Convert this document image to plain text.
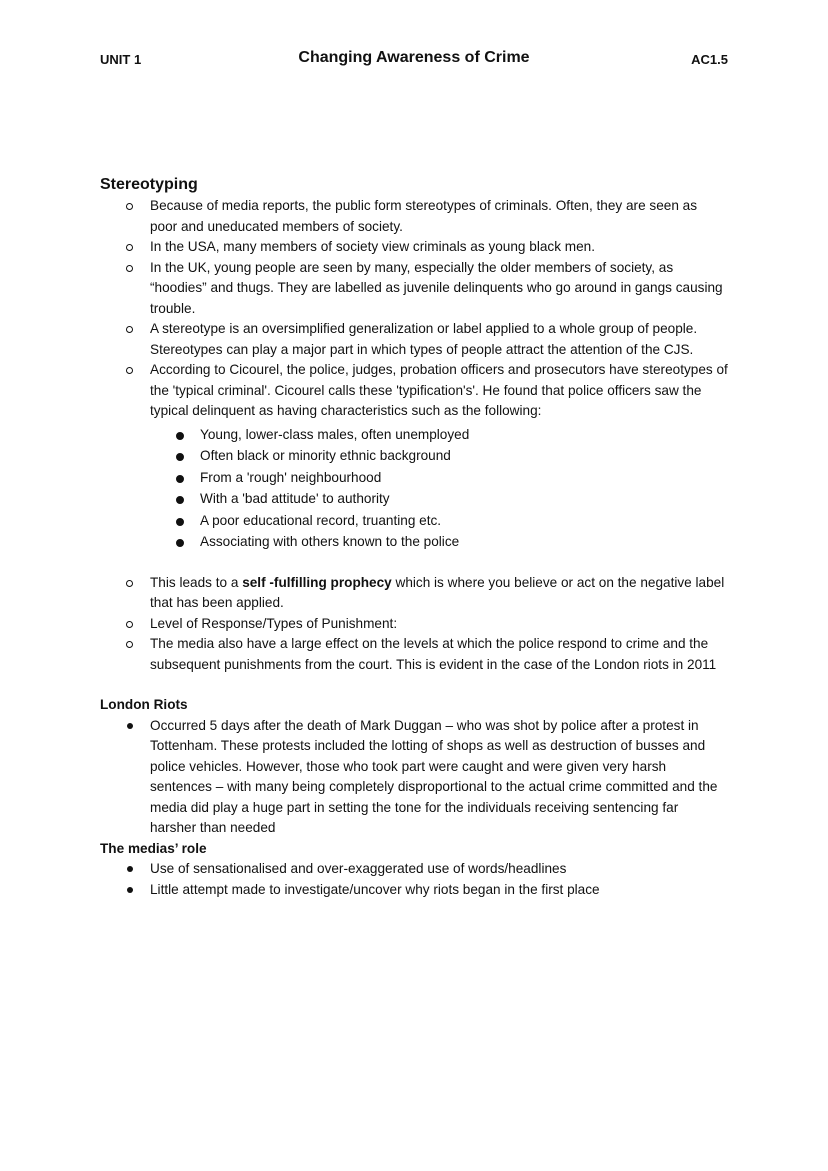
UNIT 1	Changing Awareness of Crime	AC1.5
Stereotyping
Because of media reports, the public form stereotypes of criminals. Often, they are seen as poor and uneducated members of society.
In the USA, many members of society view criminals as young black men.
In the UK, young people are seen by many, especially the older members of society, as “hoodies” and thugs. They are labelled as juvenile delinquents who go around in gangs causing trouble.
A stereotype is an oversimplified generalization or label applied to a whole group of people. Stereotypes can play a major part in which types of people attract the attention of the CJS.
According to Cicourel, the police, judges, probation officers and prosecutors have stereotypes of the 'typical criminal'. Cicourel calls these 'typification's'. He found that police officers saw the typical delinquent as having characteristics such as the following:
Young, lower-class males, often unemployed
Often black or minority ethnic background
From a 'rough' neighbourhood
With a 'bad attitude' to authority
A poor educational record, truanting etc.
Associating with others known to the police
This leads to a self -fulfilling prophecy which is where you believe or act on the negative label that has been applied.
Level of Response/Types of Punishment:
The media also have a large effect on the levels at which the police respond to crime and the subsequent punishments from the court. This is evident in the case of the London riots in 2011
London Riots
Occurred 5 days after the death of Mark Duggan – who was shot by police after a protest in Tottenham. These protests included the lotting of shops as well as destruction of busses and police vehicles. However, those who took part were caught and were given very harsh sentences – with many being completely disproportional to the actual crime committed and the media did play a huge part in setting the tone for the individuals receiving sentencing far harsher than needed
The medias’ role
Use of sensationalised and over-exaggerated use of words/headlines
Little attempt made to investigate/uncover why riots began in the first place
